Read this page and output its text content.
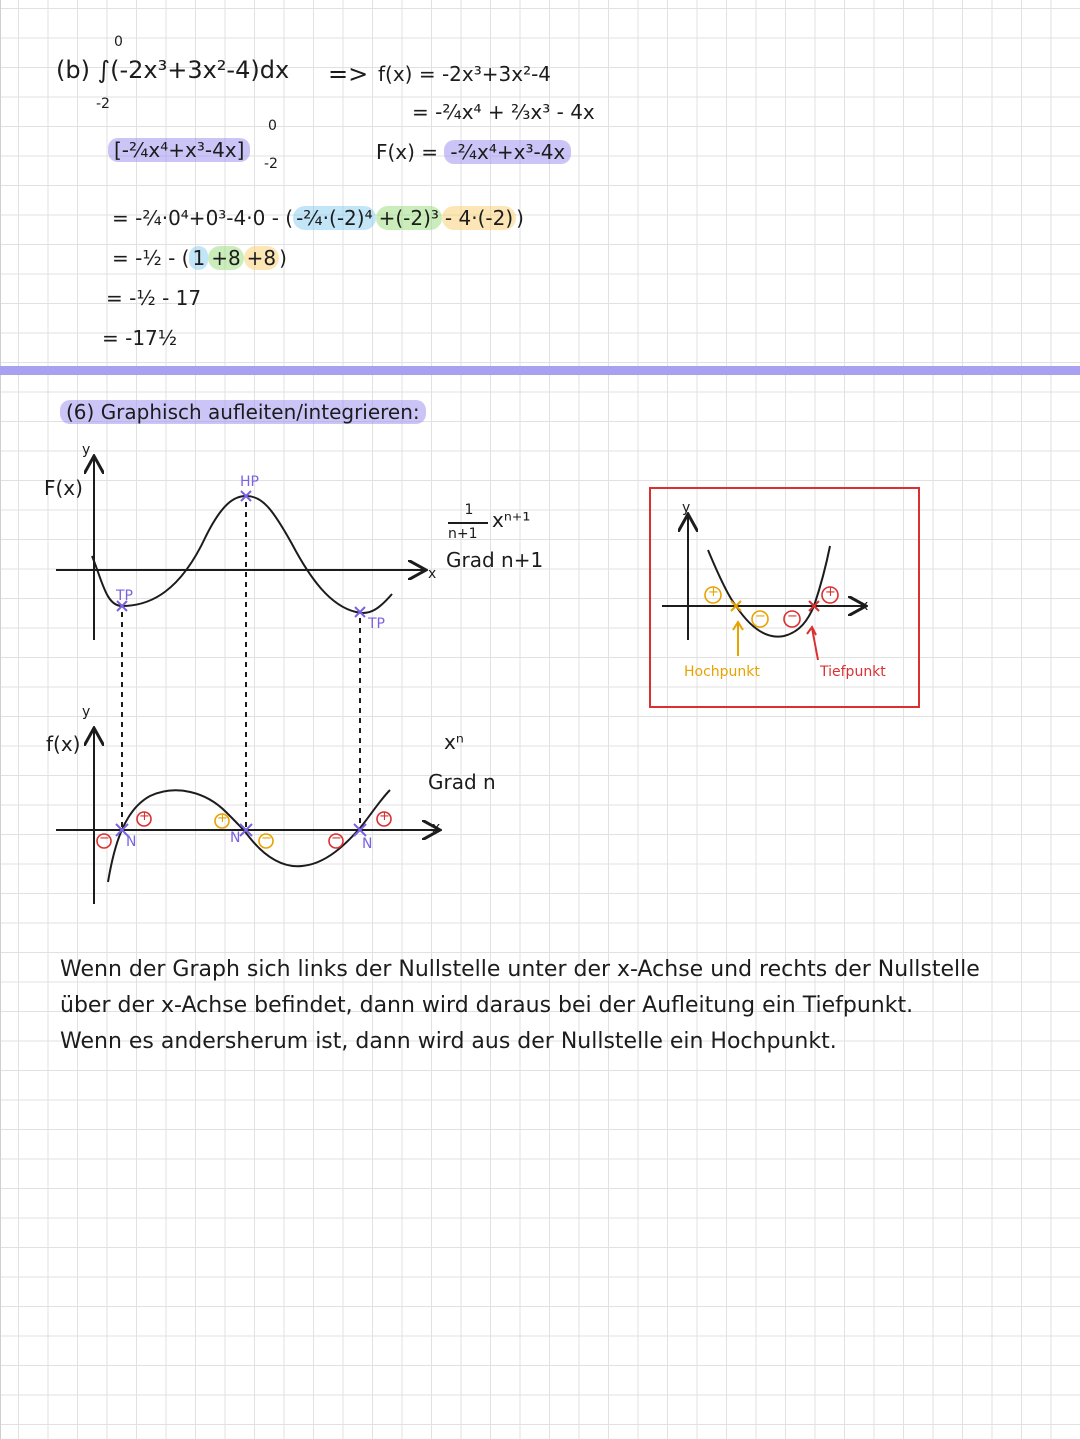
(b) ∫(-2x³+3x²-4)dx
0
-2
=> f(x) = -2x³+3x²-4
= -²⁄₄x⁴ + ²⁄₃x³ - 4x
F(x) = -²⁄₄x⁴+x³-4x
[-²⁄₄x⁴+x³-4x]
0
-2
= -²⁄₄·0⁴+0³-4·0 - ( -²⁄₄·(-2)⁴ +(-2)³ - 4·(-2) )
= -½ - ( 1 +8 +8 )
= -½ - 17
= -17½
(6) Graphisch aufleiten/integrieren:
y
F(x)	HP
TP
TP
x
1
n+1
xⁿ⁺¹
Grad n+1
y
f(x)
x
N	N	N
xⁿ
Grad n
−
+	+
−	−
+
y
x
+
− −
+
Hochpunkt	Tiefpunkt
Wenn der Graph sich links der Nullstelle unter der x-Achse und rechts der Nullstelle
über der x-Achse befindet, dann wird daraus bei der Aufleitung ein Tiefpunkt.
Wenn es andersherum ist, dann wird aus der Nullstelle ein Hochpunkt.
